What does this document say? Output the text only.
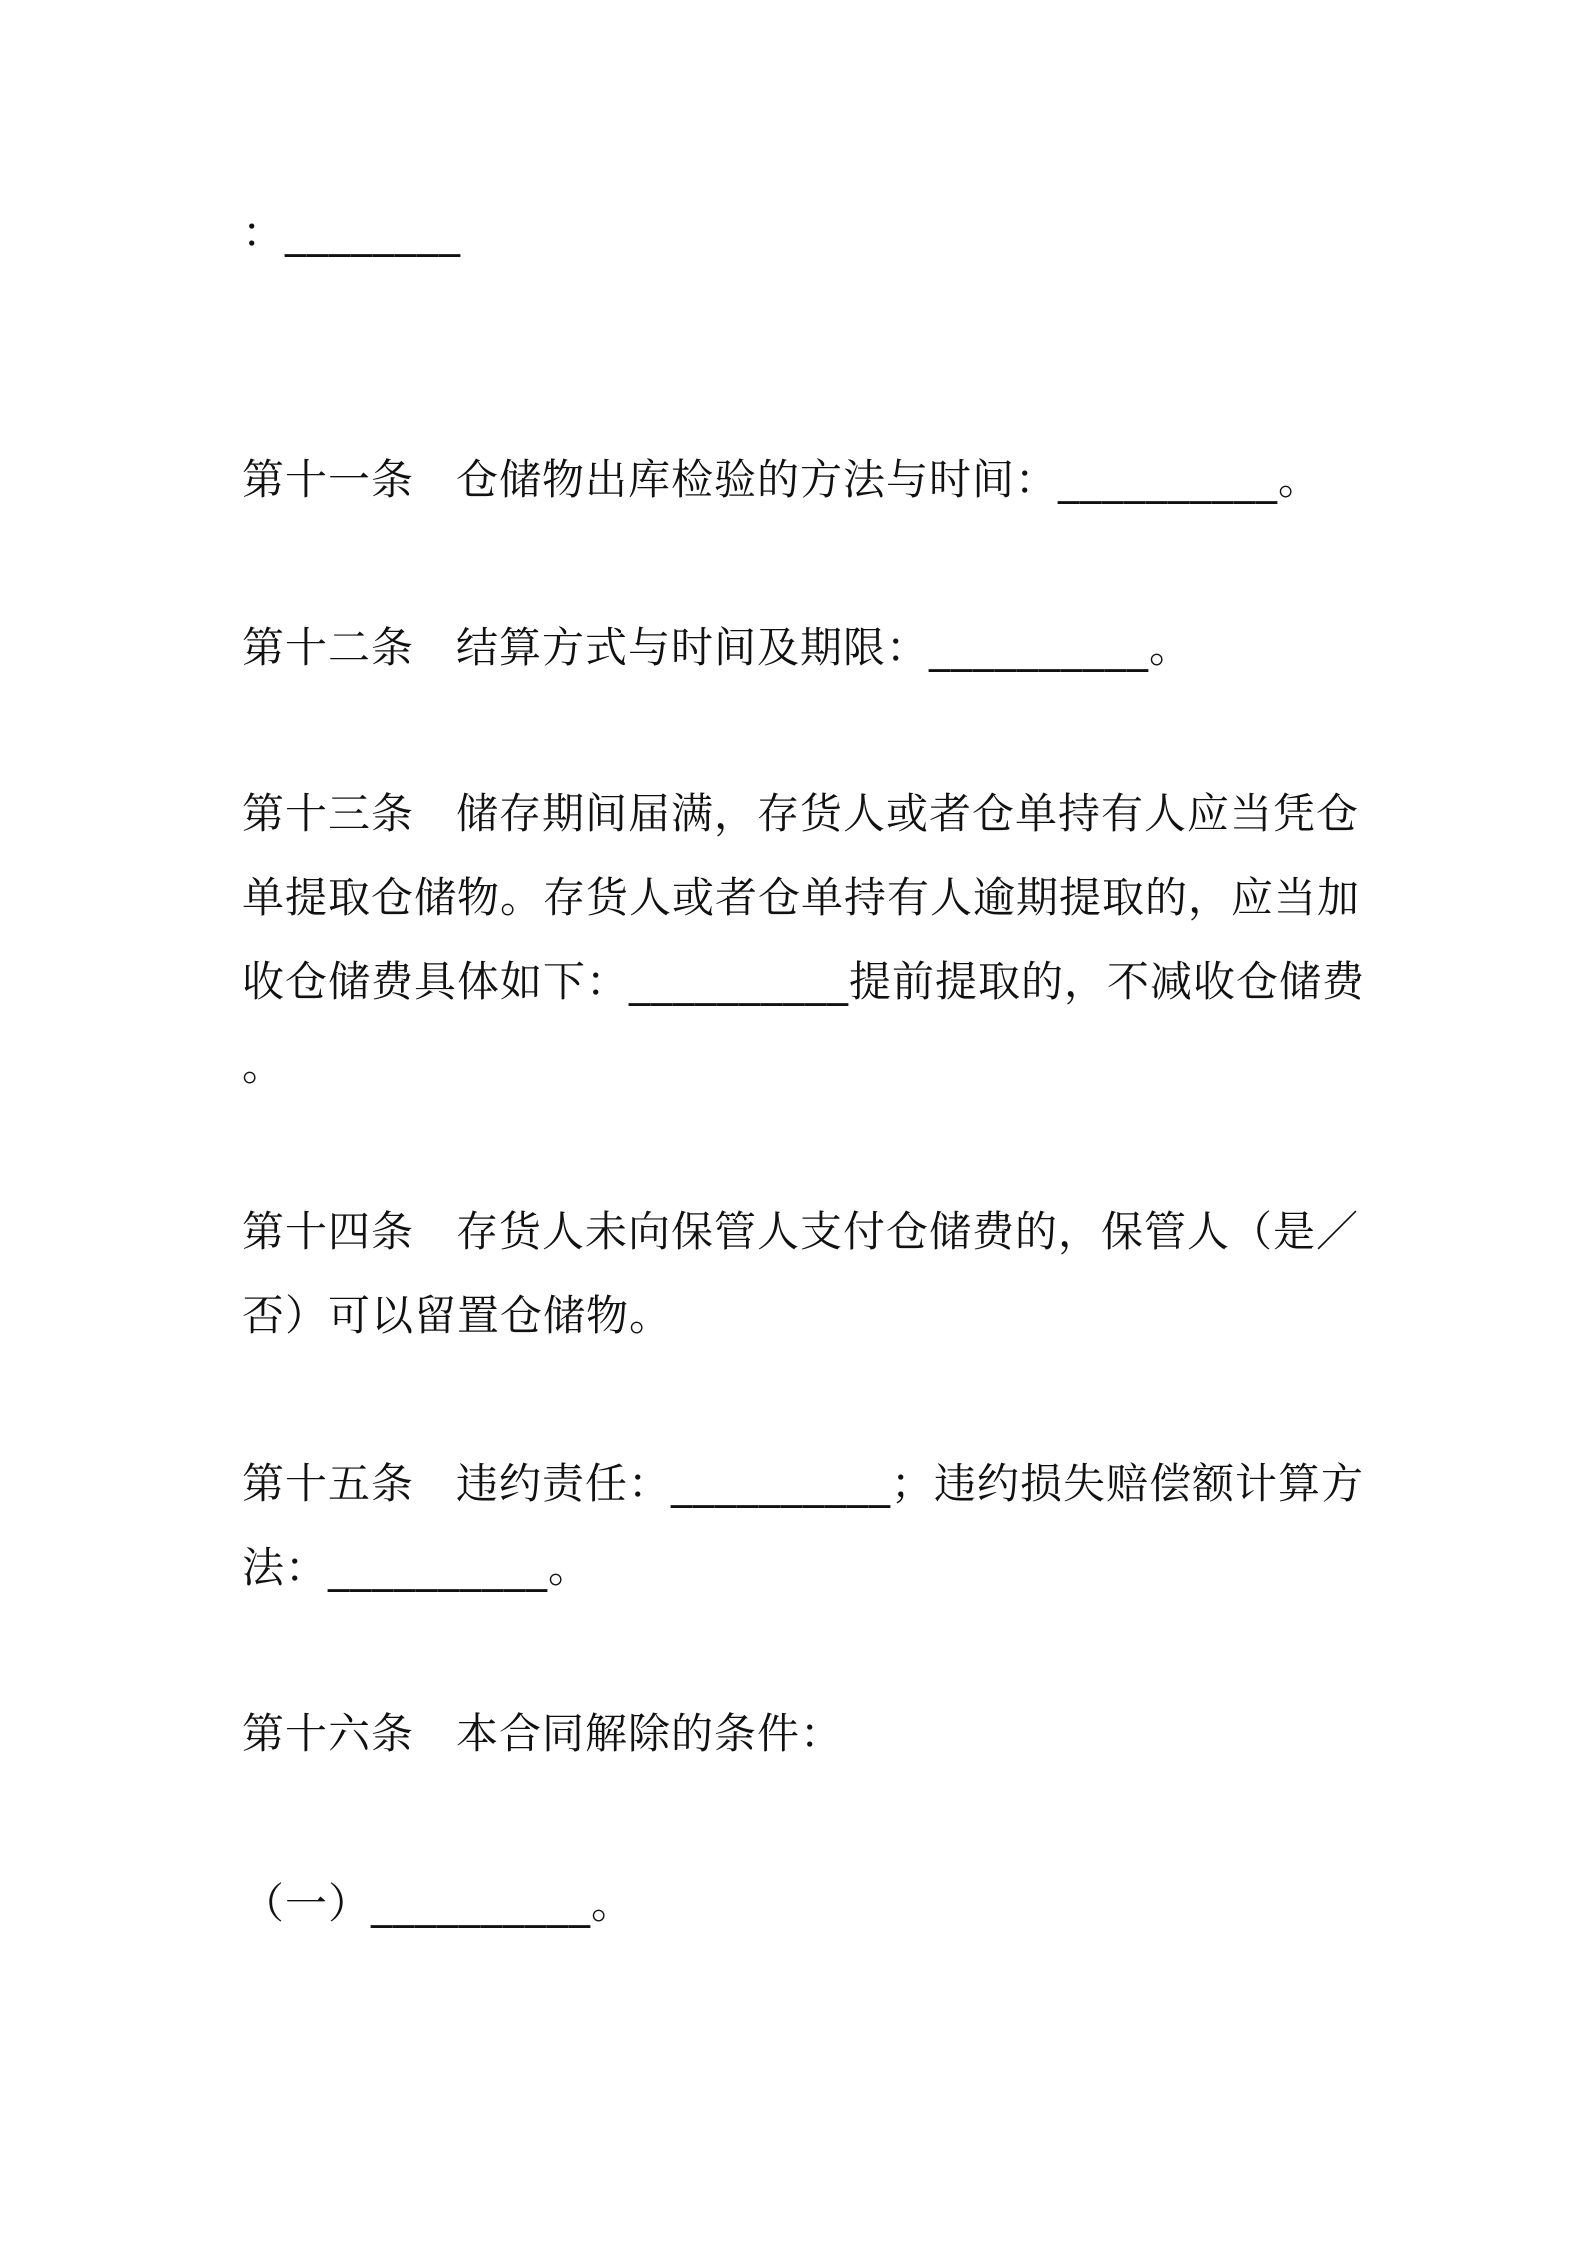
：________
第十一条 仓储物出库检验的方法与时间：__________。
第十二条 结算方式与时间及期限：__________。
第十三条 储存期间届满，存货人或者仓单持有人应当凭仓
单提取仓储物。存货人或者仓单持有人逾期提取的，应当加
收仓储费具体如下：__________提前提取的，不减收仓储费
。
第十四条 存货人未向保管人支付仓储费的，保管人（是／
否）可以留置仓储物。
第十五条 违约责任：__________；违约损失赔偿额计算方
法：__________。
第十六条 本合同解除的条件：
（一）__________。
